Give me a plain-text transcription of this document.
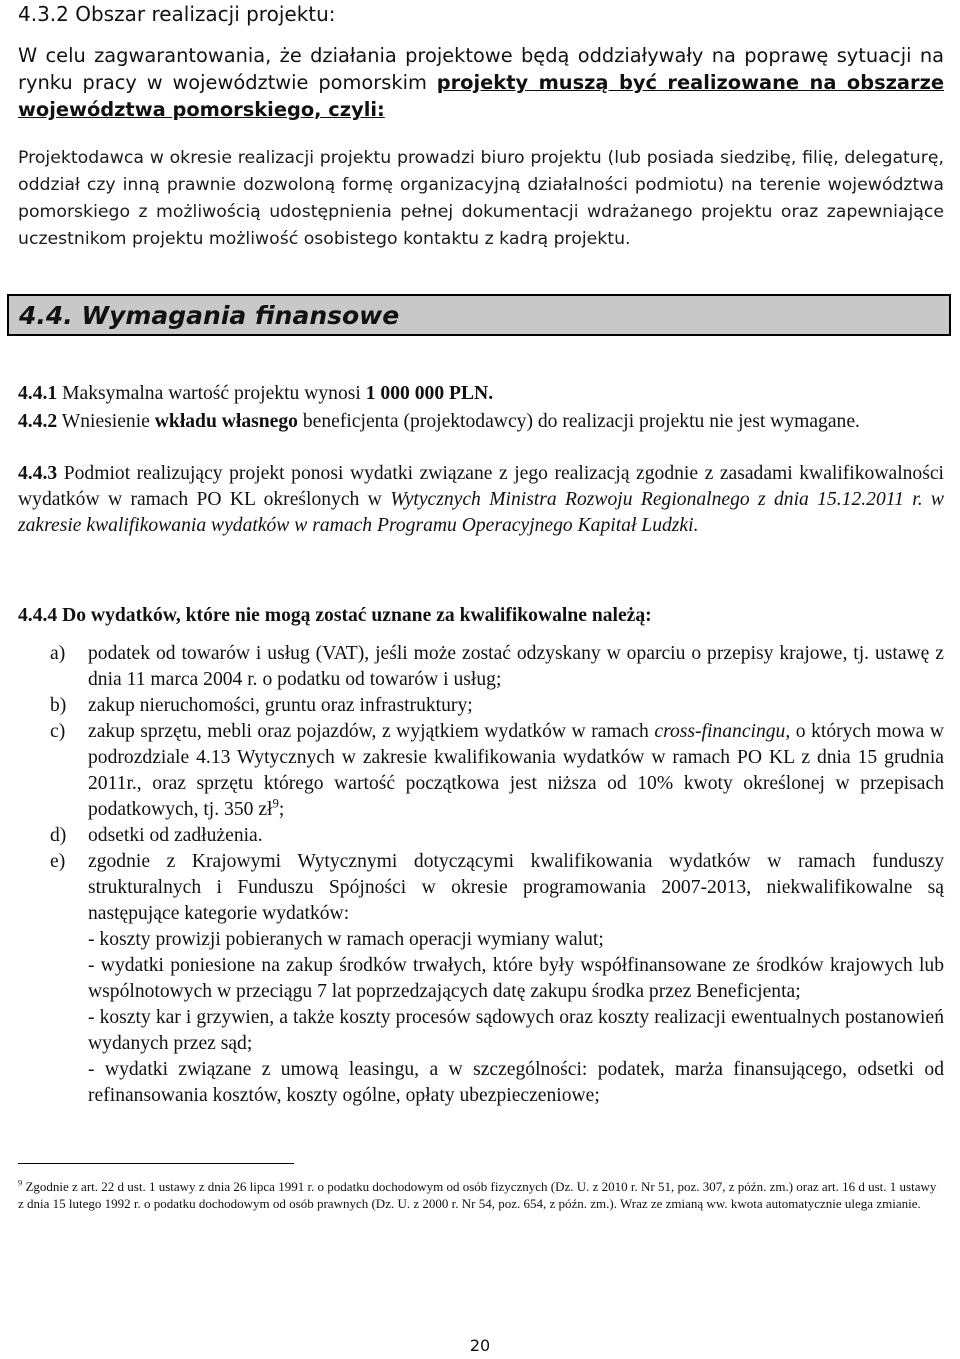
4.3.2 Obszar realizacji projektu:
W celu zagwarantowania, że działania projektowe będą oddziaływały na poprawę sytuacji na rynku pracy w województwie pomorskim projekty muszą być realizowane na obszarze województwa pomorskiego, czyli:
Projektodawca w okresie realizacji projektu prowadzi biuro projektu (lub posiada siedzibę, filię, delegaturę, oddział czy inną prawnie dozwoloną formę organizacyjną działalności podmiotu) na terenie województwa pomorskiego z możliwością udostępnienia pełnej dokumentacji wdrażanego projektu oraz zapewniające uczestnikom projektu możliwość osobistego kontaktu z kadrą projektu.
4.4. Wymagania finansowe
4.4.1 Maksymalna wartość projektu wynosi 1 000 000 PLN.
4.4.2 Wniesienie wkładu własnego beneficjenta (projektodawcy) do realizacji projektu nie jest wymagane.
4.4.3 Podmiot realizujący projekt ponosi wydatki związane z jego realizacją zgodnie z zasadami kwalifikowalności wydatków w ramach PO KL określonych w Wytycznych Ministra Rozwoju Regionalnego z dnia 15.12.2011 r. w zakresie kwalifikowania wydatków w ramach Programu Operacyjnego Kapitał Ludzki.
4.4.4 Do wydatków, które nie mogą zostać uznane za kwalifikowalne należą:

a) podatek od towarów i usług (VAT), jeśli może zostać odzyskany w oparciu o przepisy krajowe, tj. ustawę z dnia 11 marca 2004 r. o podatku od towarów i usług;

b) zakup nieruchomości, gruntu oraz infrastruktury;

c) zakup sprzętu, mebli oraz pojazdów, z wyjątkiem wydatków w ramach cross-financingu, o których mowa w podrozdziale 4.13 Wytycznych w zakresie kwalifikowania wydatków w ramach PO KL z dnia 15 grudnia 2011r., oraz sprzętu którego wartość początkowa jest niższa od 10% kwoty określonej w przepisach podatkowych, tj. 350 $zł^9$;

d) odsetki od zadłużenia.

e) zgodnie z Krajowymi Wytycznymi dotyczącymi kwalifikowania wydatków w ramach funduszy strukturalnych i Funduszu Spójności w okresie programowania 2007-2013, niekwalifikowalne są następujące kategorie wydatków:

- koszty prowizji pobieranych w ramach operacji wymiany walut;

- wydatki poniesione na zakup środków trwałych, które były współfinansowane ze środków krajowych lub wspólnotowych w przeciągu 7 lat poprzedzających datę zakupu środka przez Beneficjenta;

- koszty kar i grzywien, a także koszty procesów sądowych oraz koszty realizacji ewentualnych postanowień wydanych przez sąd;

- wydatki związane z umową leasingu, a w szczególności: podatek, marża finansującego, odsetki od refinansowania kosztów, koszty ogólne, opłaty ubezpieczeniowe;

$^9$ Zgodnie z art. 22 d ust. 1 ustawy z dnia 26 lipca 1991 r. o podatku dochodowym od osób fizycznych (Dz. U. z 2010 r. Nr 51, poz. 307, z późn. zm.) oraz art. 16 d ust. 1 ustawy z dnia 15 lutego 1992 r. o podatku dochodowym od osób prawnych (Dz. U. z 2000 r. Nr 54, poz. 654, z późn. zm.). Wraz ze zmianą ww. kwota automatycznie ulega zmianie.
20
